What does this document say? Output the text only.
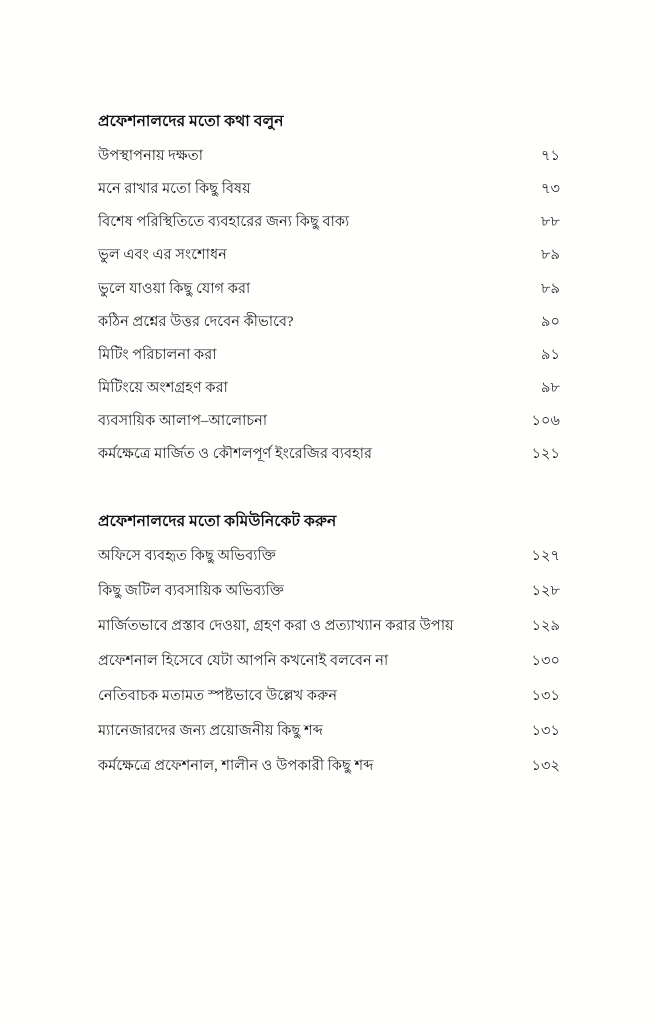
প্রফেশনালদের মতো কথা বলুন
উপস্থাপনায় দক্ষতা	৭১
মনে রাখার মতো কিছু বিষয়	৭৩
বিশেষ পরিস্থিতিতে ব্যবহারের জন্য কিছু বাক্য	৮৮
ভুল এবং এর সংশোধন	৮৯
ভুলে যাওয়া কিছু যোগ করা	৮৯
কঠিন প্রশ্নের উত্তর দেবেন কীভাবে?	৯০
মিটিং পরিচালনা করা	৯১
মিটিংয়ে অংশগ্রহণ করা	৯৮
ব্যবসায়িক আলাপ–আলোচনা	১০৬
কর্মক্ষেত্রে মার্জিত ও কৌশলপূর্ণ ইংরেজির ব্যবহার	১২১
প্রফেশনালদের মতো কমিউনিকেট করুন
অফিসে ব্যবহৃত কিছু অভিব্যক্তি	১২৭
কিছু জটিল ব্যবসায়িক অভিব্যক্তি	১২৮
মার্জিতভাবে প্রস্তাব দেওয়া, গ্রহণ করা ও প্রত্যাখ্যান করার উপায়	১২৯
প্রফেশনাল হিসেবে যেটা আপনি কখনোই বলবেন না	১৩০
নেতিবাচক মতামত স্পষ্টভাবে উল্লেখ করুন	১৩১
ম্যানেজারদের জন্য প্রয়োজনীয় কিছু শব্দ	১৩১
কর্মক্ষেত্রে প্রফেশনাল, শালীন ও উপকারী কিছু শব্দ	১৩২
